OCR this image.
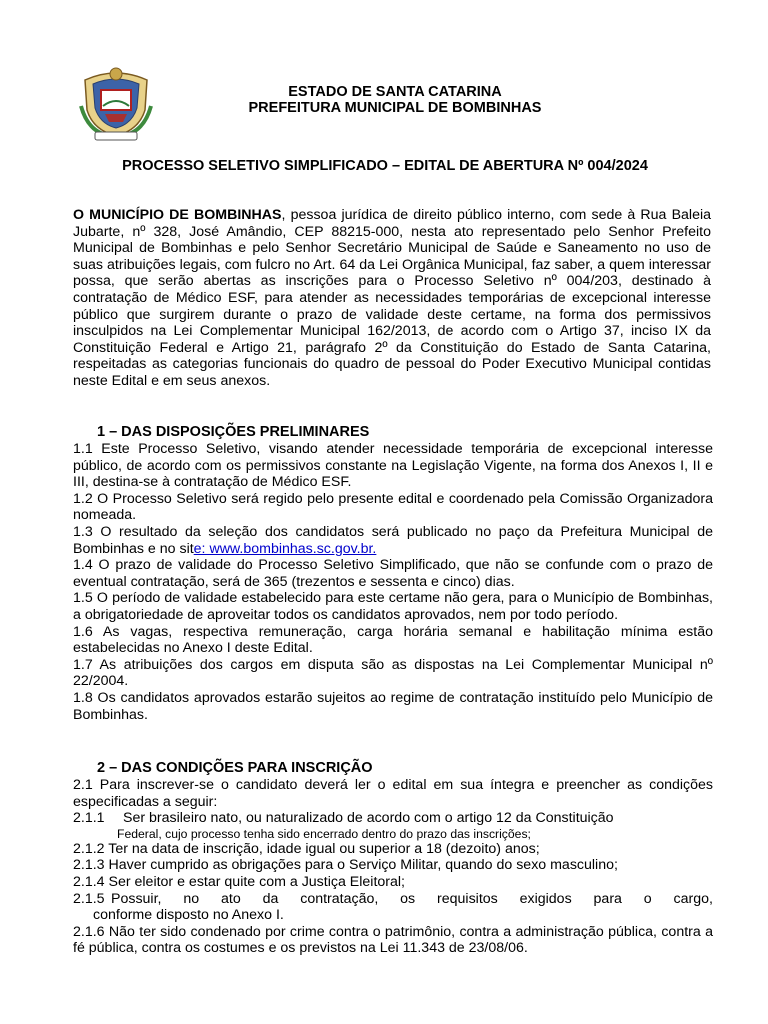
ESTADO DE SANTA CATARINA
PREFEITURA MUNICIPAL DE BOMBINHAS
PROCESSO SELETIVO SIMPLIFICADO – EDITAL DE ABERTURA Nº 004/2024
O MUNICÍPIO DE BOMBINHAS, pessoa jurídica de direito público interno, com sede à Rua Baleia Jubarte, nº 328, José Amândio, CEP 88215-000, nesta ato representado pelo Senhor Prefeito Municipal de Bombinhas e pelo Senhor Secretário Municipal de Saúde e Saneamento no uso de suas atribuições legais, com fulcro no Art. 64 da Lei Orgânica Municipal, faz saber, a quem interessar possa, que serão abertas as inscrições para o Processo Seletivo nº 004/203, destinado à contratação de Médico ESF, para atender as necessidades temporárias de excepcional interesse público que surgirem durante o prazo de validade deste certame, na forma dos permissivos insculpidos na Lei Complementar Municipal 162/2013, de acordo com o Artigo 37, inciso IX da Constituição Federal e Artigo 21, parágrafo 2º da Constituição do Estado de Santa Catarina, respeitadas as categorias funcionais do quadro de pessoal do Poder Executivo Municipal contidas neste Edital e em seus anexos.
1 – DAS DISPOSIÇÕES PRELIMINARES

1.1 Este Processo Seletivo, visando atender necessidade temporária de excepcional interesse público, de acordo com os permissivos constante na Legislação Vigente, na forma dos Anexos I, II e III, destina-se à contratação de Médico ESF.

1.2 O Processo Seletivo será regido pelo presente edital e coordenado pela Comissão Organizadora nomeada.

1.3 O resultado da seleção dos candidatos será publicado no paço da Prefeitura Municipal de Bombinhas e no site: www.bombinhas.sc.gov.br.

1.4 O prazo de validade do Processo Seletivo Simplificado, que não se confunde com o prazo de eventual contratação, será de 365 (trezentos e sessenta e cinco) dias.

1.5 O período de validade estabelecido para este certame não gera, para o Município de Bombinhas, a obrigatoriedade de aproveitar todos os candidatos aprovados, nem por todo período.

1.6 As vagas, respectiva remuneração, carga horária semanal e habilitação mínima estão estabelecidas no Anexo I deste Edital.

1.7 As atribuições dos cargos em disputa são as dispostas na Lei Complementar Municipal nº 22/2004.

1.8 Os candidatos aprovados estarão sujeitos ao regime de contratação instituído pelo Município de Bombinhas.

2 – DAS CONDIÇÕES PARA INSCRIÇÃO

2.1 Para inscrever-se o candidato deverá ler o edital em sua íntegra e preencher as condições especificadas a seguir:

2.1.1	Ser brasileiro nato, ou naturalizado de acordo com o artigo 12 da Constituição
Federal, cujo processo tenha sido encerrado dentro do prazo das inscrições;

2.1.2 Ter na data de inscrição, idade igual ou superior a 18 (dezoito) anos;

2.1.3 Haver cumprido as obrigações para o Serviço Militar, quando do sexo masculino;

2.1.4 Ser eleitor e estar quite com a Justiça Eleitoral;

2.1.5 Possuir, no ato da contratação, os requisitos exigidos para o cargo,
conforme disposto no Anexo I.

2.1.6 Não ter sido condenado por crime contra o patrimônio, contra a administração pública, contra a fé pública, contra os costumes e os previstos na Lei 11.343 de 23/08/06.
